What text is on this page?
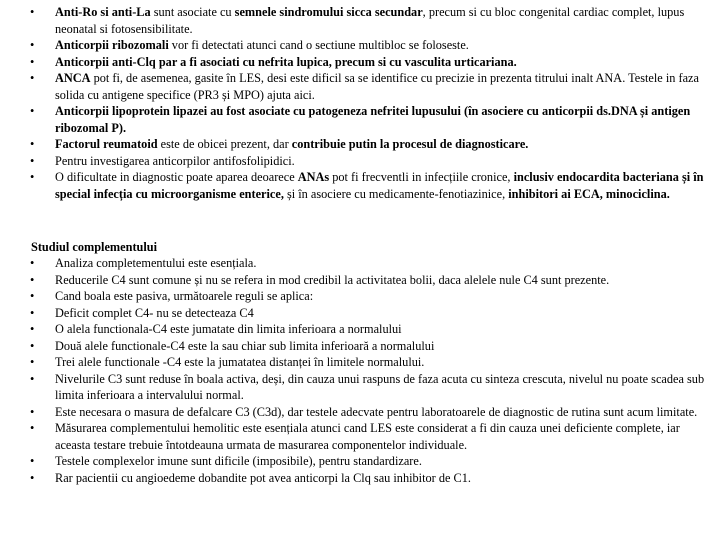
•	Anti-Ro si anti-La sunt asociate cu semnele sindromului sicca secundar, precum si cu bloc congenital cardiac complet, lupus neonatal si fotosensibilitate.
•	Anticorpii ribozomali vor fi detectati atunci cand o sectiune multibloc se foloseste.
•	Anticorpii anti-Clq par a fi asociati cu nefrita lupica, precum si cu vasculita urticariana.
•	ANCA pot fi, de asemenea, gasite în LES, desi este dificil sa se identifice cu precizie in prezenta titrului inalt ANA. Testele in faza solida cu antigene specifice (PR3 și MPO) ajuta aici.
•	Anticorpii lipoprotein lipazei au fost asociate cu patogeneza nefritei lupusului (în asociere cu anticorpii ds.DNA și antigen ribozomal P).
•	Factorul reumatoid este de obicei prezent, dar contribuie putin la procesul de diagnosticare.
•	Pentru investigarea anticorpilor antifosfolipidici.
•	O dificultate in diagnostic poate aparea deoarece ANAs pot fi frecventli in infecțiile cronice, inclusiv endocardita bacteriana și în special infecția cu microorganisme enterice, și în asociere cu medicamente-fenotiazinice, inhibitori ai ECA, minociclina.
Studiul complementului
•	Analiza completementului este esențiala.
•	Reducerile C4 sunt comune și nu se refera in mod credibil la activitatea bolii, daca alelele nule C4 sunt prezente.
•	Cand boala este pasiva, următoarele reguli se aplica:
•	Deficit complet C4- nu se detecteaza C4
•	O alela functionala-C4 este jumatate din limita inferioara a normalului
•	Două alele functionale-C4 este la sau chiar sub limita inferioară a normalului
•	Trei alele functionale -C4 este la jumatatea distanței în limitele normalului.
•	Nivelurile C3 sunt reduse în boala activa, deși, din cauza unui raspuns de faza acuta cu sinteza crescuta, nivelul nu poate scadea sub limita inferioara a intervalului normal.
•	Este necesara o masura de defalcare C3 (C3d), dar testele adecvate pentru laboratoarele de diagnostic de rutina sunt acum limitate.
•	Măsurarea complementului hemolitic este esențiala atunci cand LES este considerat a fi din cauza unei deficiente complete, iar aceasta testare trebuie întotdeauna urmata de masurarea componentelor individuale.
•	Testele complexelor imune sunt dificile (imposibile), pentru standardizare.
•	Rar pacientii cu angioedeme dobandite pot avea anticorpi la Clq sau inhibitor de C1.
